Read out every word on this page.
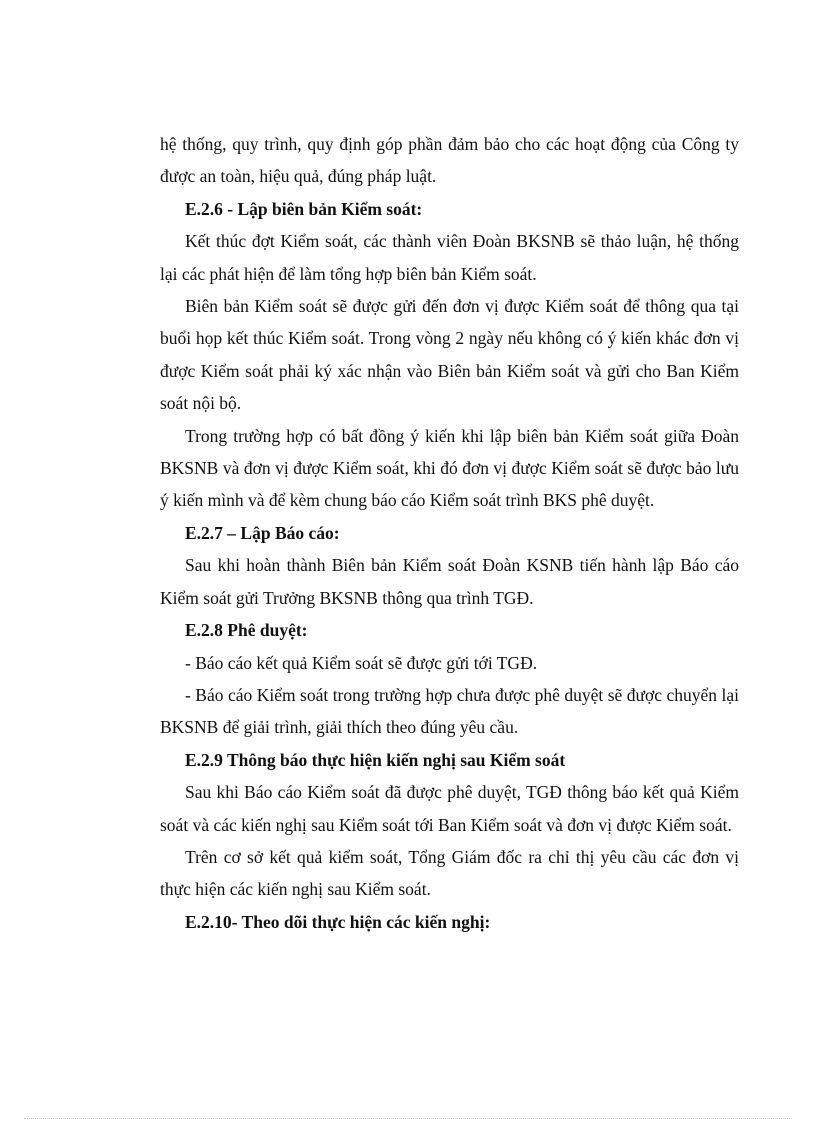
hệ thống, quy trình, quy định góp phần đảm bảo cho các hoạt động của Công ty được an toàn, hiệu quả, đúng pháp luật.

E.2.6 - Lập biên bản Kiểm soát:

Kết thúc đợt Kiểm soát, các thành viên Đoàn BKSNB sẽ thảo luận, hệ thống lại các phát hiện để làm tổng hợp biên bản Kiểm soát.

Biên bản Kiểm soát sẽ được gửi đến đơn vị được Kiểm soát để thông qua tại buổi họp kết thúc Kiểm soát. Trong vòng 2 ngày nếu không có ý kiến khác đơn vị được Kiểm soát phải ký xác nhận vào Biên bản Kiểm soát và gửi cho Ban Kiểm soát nội bộ.

Trong trường hợp có bất đồng ý kiến khi lập biên bản Kiểm soát giữa Đoàn BKSNB và đơn vị được Kiểm soát, khi đó đơn vị được Kiểm soát sẽ được bảo lưu ý kiến mình và để kèm chung báo cáo Kiểm soát trình BKS phê duyệt.

E.2.7 – Lập Báo cáo:

Sau khi hoàn thành Biên bản Kiểm soát Đoàn KSNB tiến hành lập Báo cáo Kiểm soát gửi Trưởng BKSNB thông qua trình TGĐ.

E.2.8 Phê duyệt:

- Báo cáo kết quả Kiểm soát sẽ được gửi tới TGĐ.

- Báo cáo Kiểm soát trong trường hợp chưa được phê duyệt sẽ được chuyển lại BKSNB để giải trình, giải thích theo đúng yêu cầu.

E.2.9 Thông báo thực hiện kiến nghị sau Kiểm soát

Sau khi Báo cáo Kiểm soát đã được phê duyệt, TGĐ thông báo kết quả Kiểm soát và các kiến nghị sau Kiểm soát tới Ban Kiểm soát và đơn vị được Kiểm soát.

Trên cơ sở kết quả kiểm soát, Tổng Giám đốc ra chỉ thị yêu cầu các đơn vị thực hiện các kiến nghị sau Kiểm soát.

E.2.10- Theo dõi thực hiện các kiến nghị:
